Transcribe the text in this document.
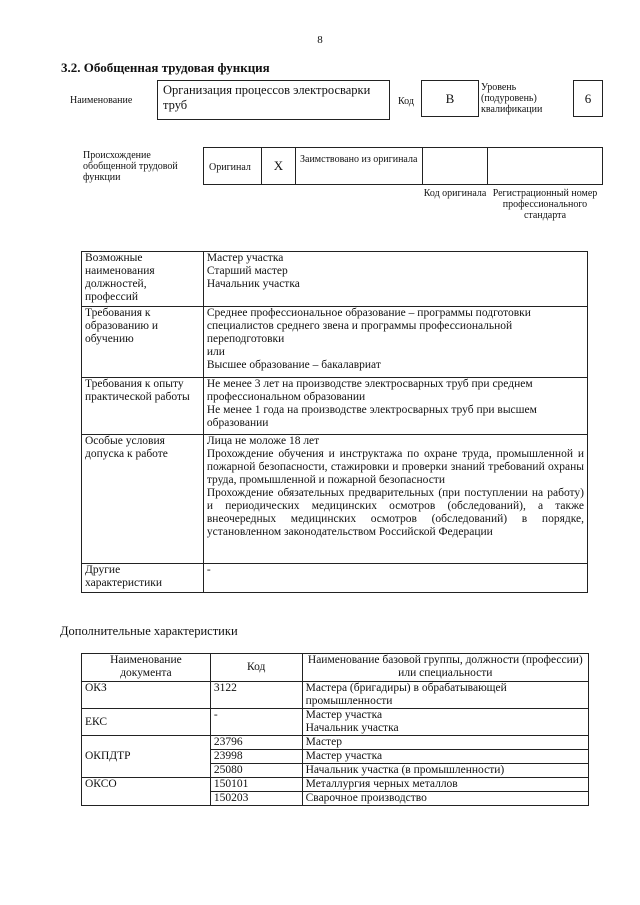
8
3.2. Обобщенная трудовая функция
Наименование
Организация процессов электросварки труб	Код	B
Уровень (подуровень) квалификации
6
Происхождение обобщенной трудовой функции
Оригинал	X	Заимствовано из оригинала
Код оригинала Регистрационный номер профессионального стандарта
Возможные наименования должностей, профессий	Мастер участка
Старший мастер
Начальник участка

Требования к образованию и обучению	Среднее профессиональное образование – программы подготовки специалистов среднего звена и программы профессиональной переподготовки
или
Высшее образование – бакалавриат

Требования к опыту практической работы	Не менее 3 лет на производстве электросварных труб при среднем профессиональном образовании
Не менее 1 года на производстве электросварных труб при высшем образовании

Особые условия допуска к работе	Лица не моложе 18 лет
Прохождение обучения и инструктажа по охране труда, промышленной и пожарной безопасности, стажировки и проверки знаний требований охраны труда, промышленной и пожарной безопасности
Прохождение обязательных предварительных (при поступлении на работу) и периодических медицинских осмотров (обследований), а также внеочередных медицинских осмотров (обследований) в порядке, установленном законодательством Российской Федерации

Другие характеристики	-
Дополнительные характеристики
Наименование документа	Код	Наименование базовой группы, должности (профессии) или специальности
ОКЗ	3122	Мастера (бригадиры) в обрабатывающей промышленности
ЕКС	-	Мастер участка
Начальник участка

ОКПДТР	23796	Мастер
	23998	Мастер участка
	25080	Начальник участка (в промышленности)
ОКСО	150101	Металлургия черных металлов
	150203	Сварочное производство
